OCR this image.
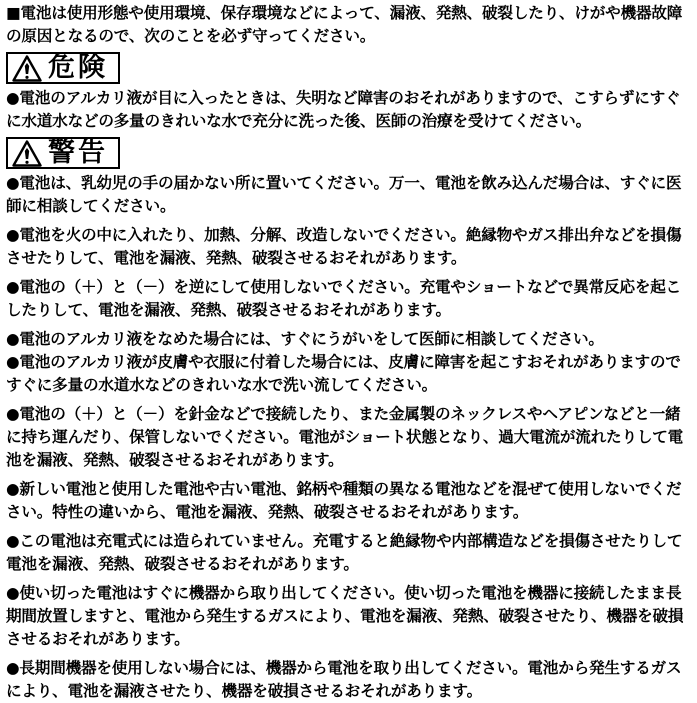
■電池は使用形態や使用環境、保存環境などによって、漏液、発熱、破裂したり、けがや機器故障の原因となるので、次のことを必ず守ってください。

危険

●電池のアルカリ液が目に入ったときは、失明など障害のおそれがありますので、こすらずにすぐに水道水などの多量のきれいな水で充分に洗った後、医師の治療を受けてください。

警告

●電池は、乳幼児の手の届かない所に置いてください。万一、電池を飲み込んだ場合は、すぐに医師に相談してください。

●電池を火の中に入れたり、加熱、分解、改造しないでください。絶縁物やガス排出弁などを損傷させたりして、電池を漏液、発熱、破裂させるおそれがあります。

●電池の（＋）と（－）を逆にして使用しないでください。充電やショートなどで異常反応を起こしたりして、電池を漏液、発熱、破裂させるおそれがあります。

●電池のアルカリ液をなめた場合には、すぐにうがいをして医師に相談してください。

●電池のアルカリ液が皮膚や衣服に付着した場合には、皮膚に障害を起こすおそれがありますのですぐに多量の水道水などのきれいな水で洗い流してください。

●電池の（＋）と（－）を針金などで接続したり、また金属製のネックレスやヘアピンなどと一緒に持ち運んだり、保管しないでください。電池がショート状態となり、過大電流が流れたりして電池を漏液、発熱、破裂させるおそれがあります。

●新しい電池と使用した電池や古い電池、銘柄や種類の異なる電池などを混ぜて使用しないでください。特性の違いから、電池を漏液、発熱、破裂させるおそれがあります。

●この電池は充電式には造られていません。充電すると絶縁物や内部構造などを損傷させたりして電池を漏液、発熱、破裂させるおそれがあります。

●使い切った電池はすぐに機器から取り出してください。使い切った電池を機器に接続したまま長期間放置しますと、電池から発生するガスにより、電池を漏液、発熱、破裂させたり、機器を破損させるおそれがあります。

●長期間機器を使用しない場合には、機器から電池を取り出してください。電池から発生するガスにより、電池を漏液させたり、機器を破損させるおそれがあります。
